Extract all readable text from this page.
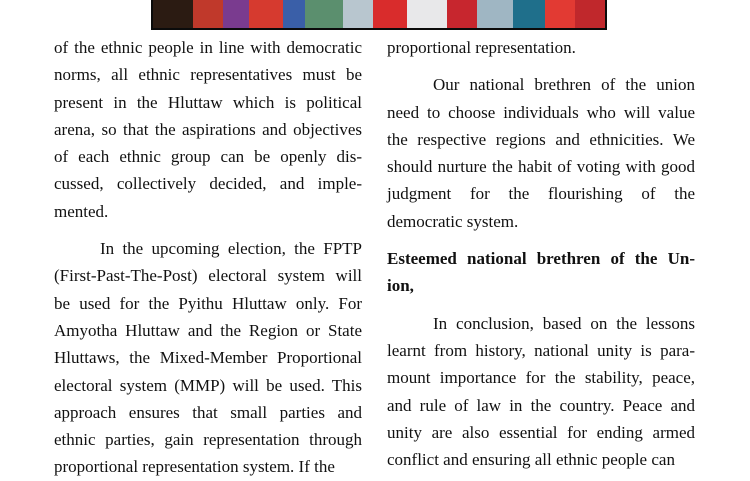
of the ethnic people in line with democratic norms, all ethnic representatives must be present in the Hluttaw which is political arena, so that the aspirations and objectives of each ethnic group can be openly dis- cussed, collectively decided, and imple- mented.

In the upcoming election, the FPTP (First-Past-The-Post) electoral system will be used for the Pyithu Hluttaw only. For Amyotha Hluttaw and the Region or State Hluttaws, the Mixed-Member Proportional electoral system (MMP) will be used. This approach ensures that small parties and ethnic parties, gain representation through proportional representation system. If the

proportional representation.

Our national brethren of the union need to choose individuals who will value the respective regions and ethnicities. We should nurture the habit of voting with good judgment for the flourishing of the democratic system.

Esteemed national brethren of the Un- ion,

In conclusion, based on the lessons learnt from history, national unity is para- mount importance for the stability, peace, and rule of law in the country. Peace and unity are also essential for ending armed conflict and ensuring all ethnic people can
